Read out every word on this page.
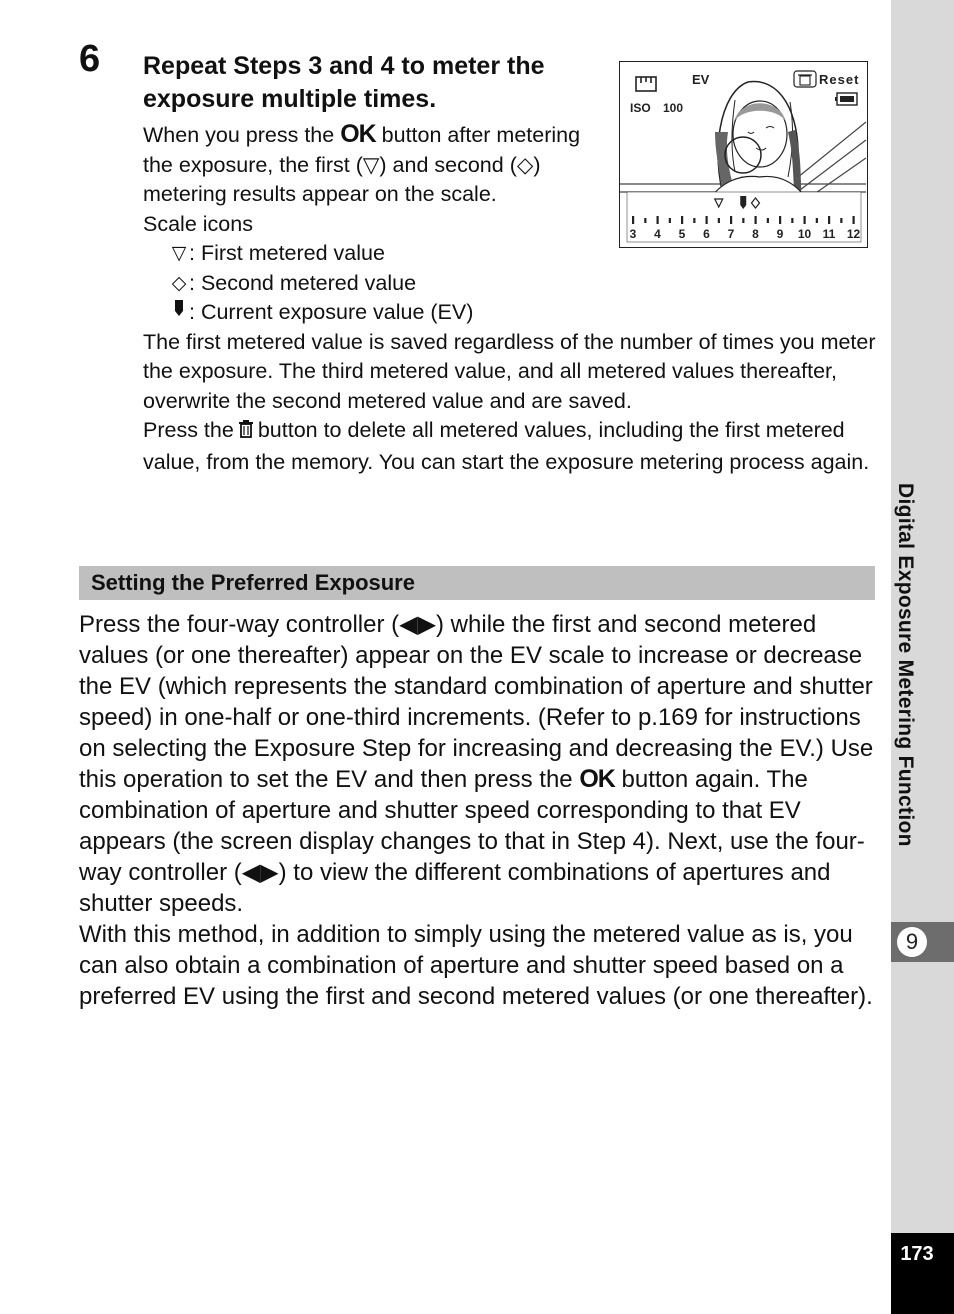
6 Repeat Steps 3 and 4 to meter the exposure multiple times.
EV
ISO 100
Reset
3 4 5 6 7 8 9 10 11 12
When you press the OK button after metering the exposure, the first (▽) and second (◇) metering results appear on the scale.
Scale icons
▽ : First metered value
◇ : Second metered value
: Current exposure value (EV)
The first metered value is saved regardless of the number of times you meter the exposure. The third metered value, and all metered values thereafter, overwrite the second metered value and are saved.
Press the button to delete all metered values, including the first metered value, from the memory. You can start the exposure metering process again.
Setting the Preferred Exposure

Press the four-way controller (◀▶) while the first and second metered values (or one thereafter) appear on the EV scale to increase or decrease the EV (which represents the standard combination of aperture and shutter speed) in one-half or one-third increments. (Refer to p.169 for instructions on selecting the Exposure Step for increasing and decreasing the EV.) Use this operation to set the EV and then press the OK button again. The combination of aperture and shutter speed corresponding to that EV appears (the screen display changes to that in Step 4). Next, use the four-way controller (◀▶) to view the different combinations of apertures and shutter speeds.

With this method, in addition to simply using the metered value as is, you can also obtain a combination of aperture and shutter speed based on a preferred EV using the first and second metered values (or one thereafter).

Digital Exposure Metering Function
9
173
